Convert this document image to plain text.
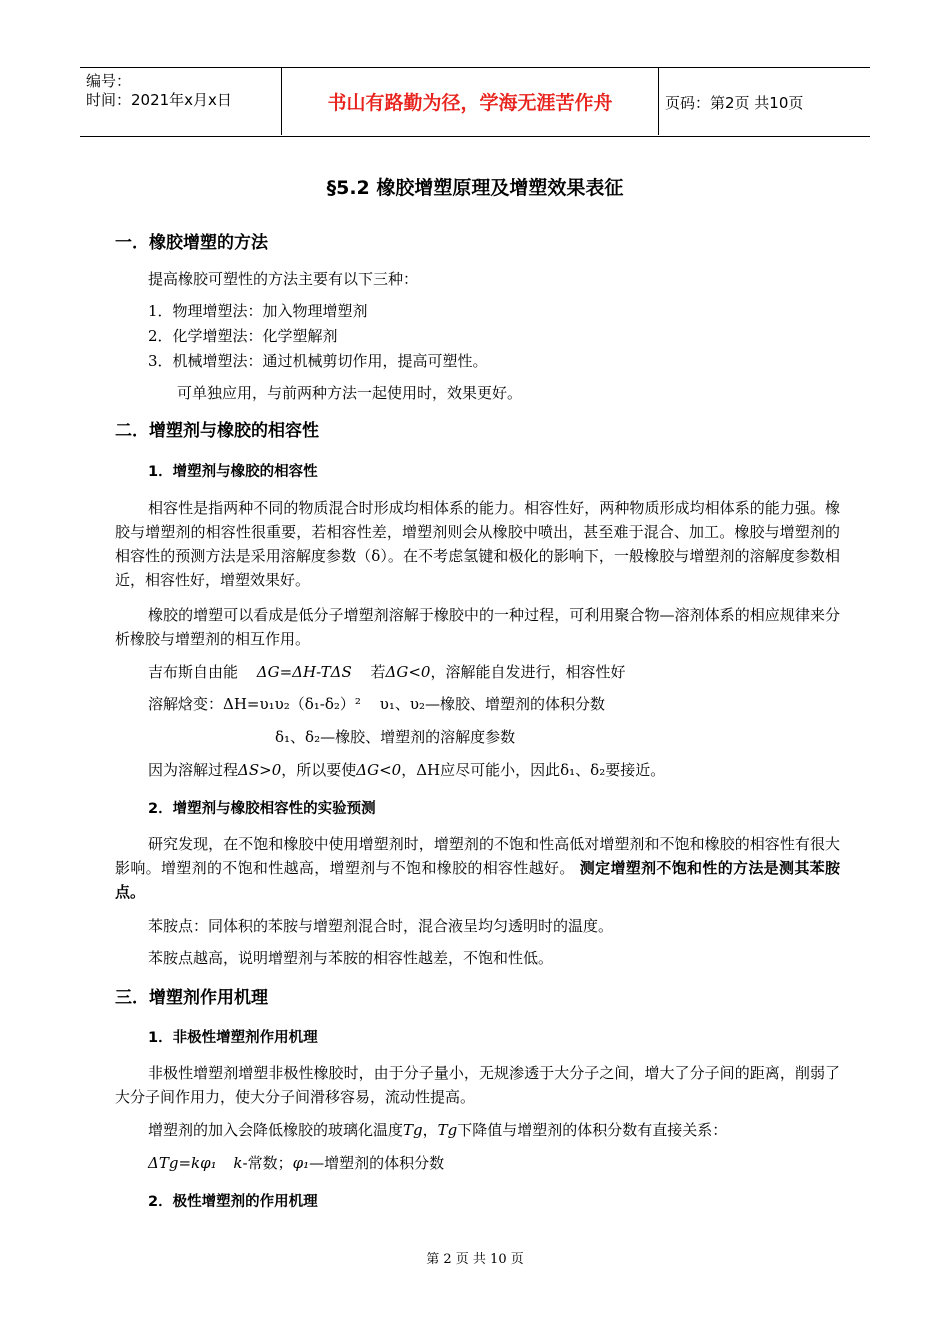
编号：
时间：2021年x月x日	书山有路勤为径，学海无涯苦作舟	页码：第2页 共10页
§5.2 橡胶增塑原理及增塑效果表征
一．橡胶增塑的方法
提高橡胶可塑性的方法主要有以下三种：
1．物理增塑法：加入物理增塑剂
2．化学增塑法：化学塑解剂
3．机械增塑法：通过机械剪切作用，提高可塑性。
可单独应用，与前两种方法一起使用时，效果更好。
二．增塑剂与橡胶的相容性
1．增塑剂与橡胶的相容性
相容性是指两种不同的物质混合时形成均相体系的能力。相容性好，两种物质形成均相体系的能力强。橡胶与增塑剂的相容性很重要，若相容性差，增塑剂则会从橡胶中喷出，甚至难于混合、加工。橡胶与增塑剂的相容性的预测方法是采用溶解度参数（δ）。在不考虑氢键和极化的影响下，一般橡胶与增塑剂的溶解度参数相近，相容性好，增塑效果好。
橡胶的增塑可以看成是低分子增塑剂溶解于橡胶中的一种过程，可利用聚合物—溶剂体系的相应规律来分析橡胶与增塑剂的相互作用。
吉布斯自由能 ΔG=ΔH-TΔS 若ΔG<0，溶解能自发进行，相容性好
溶解焓变：ΔH=υ₁υ₂（δ₁-δ₂）² υ₁、υ₂—橡胶、增塑剂的体积分数
δ₁、δ₂—橡胶、增塑剂的溶解度参数
因为溶解过程ΔS>0，所以要使ΔG<0，ΔH应尽可能小，因此δ₁、δ₂要接近。
2．增塑剂与橡胶相容性的实验预测
研究发现，在不饱和橡胶中使用增塑剂时，增塑剂的不饱和性高低对增塑剂和不饱和橡胶的相容性有很大影响。增塑剂的不饱和性越高，增塑剂与不饱和橡胶的相容性越好。 测定增塑剂不饱和性的方法是测其苯胺点。
苯胺点：同体积的苯胺与增塑剂混合时，混合液呈均匀透明时的温度。
苯胺点越高，说明增塑剂与苯胺的相容性越差，不饱和性低。
三．增塑剂作用机理
1．非极性增塑剂作用机理
非极性增塑剂增塑非极性橡胶时，由于分子量小，无规渗透于大分子之间，增大了分子间的距离，削弱了大分子间作用力，使大分子间滑移容易，流动性提高。
增塑剂的加入会降低橡胶的玻璃化温度Tg，Tg下降值与增塑剂的体积分数有直接关系：
ΔTg=kφ₁ k-常数；φ₁—增塑剂的体积分数
2．极性增塑剂的作用机理
第 2 页 共 10 页
